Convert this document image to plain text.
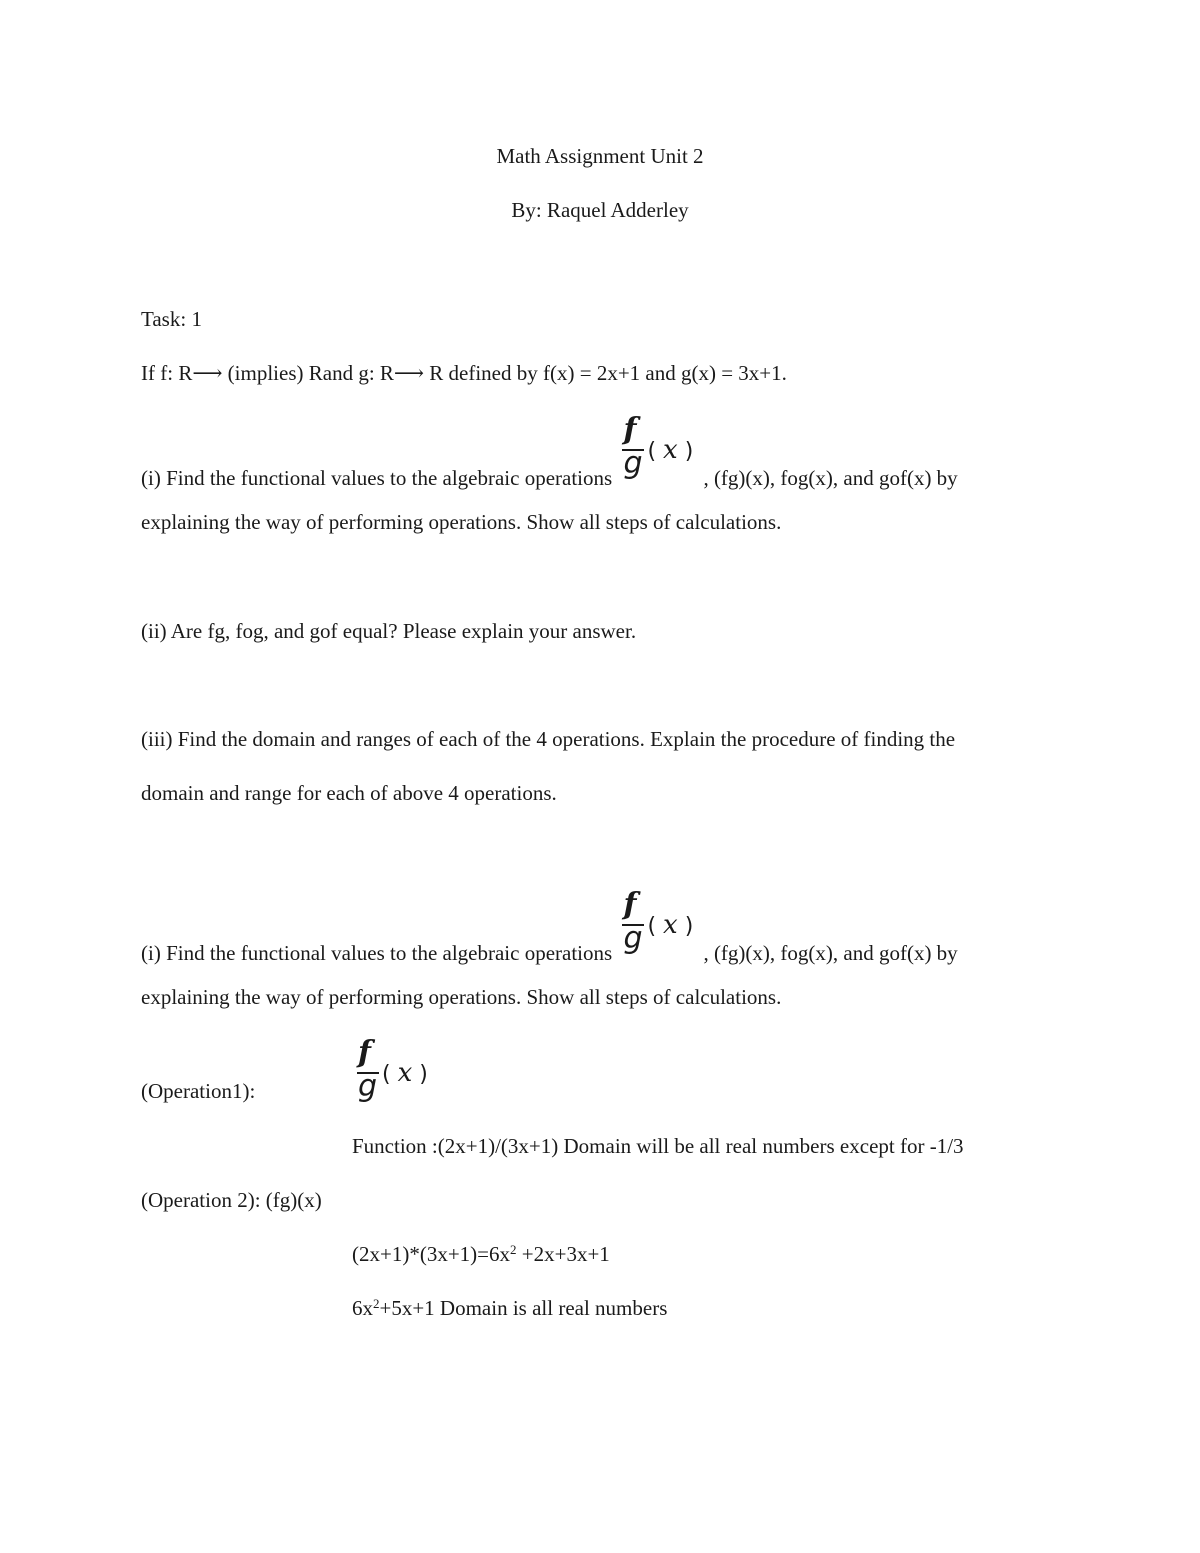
Math Assignment Unit 2
By: Raquel Adderley
Task: 1
If f: R⟶ (implies) Rand g: R⟶ R defined by f(x) = 2x+1 and g(x) = 3x+1.
(i) Find the functional values to the algebraic operations
f
g ( x )
, (fg)(x), fog(x), and gof(x) by
explaining the way of performing operations. Show all steps of calculations.
(ii) Are fg, fog, and gof equal? Please explain your answer.
(iii) Find the domain and ranges of each of the 4 operations. Explain the procedure of finding the
domain and range for each of above 4 operations.
(i) Find the functional values to the algebraic operations
f
g ( x )
, (fg)(x), fog(x), and gof(x) by
explaining the way of performing operations. Show all steps of calculations.
(Operation1):
f
g ( x )
Function :(2x+1)/(3x+1) Domain will be all real numbers except for -1/3
(Operation 2): (fg)(x)
$(2x+1)*(3x+1)=6x^2 +2x+3x+1$
$6x^2+5x+1$ Domain is all real numbers
